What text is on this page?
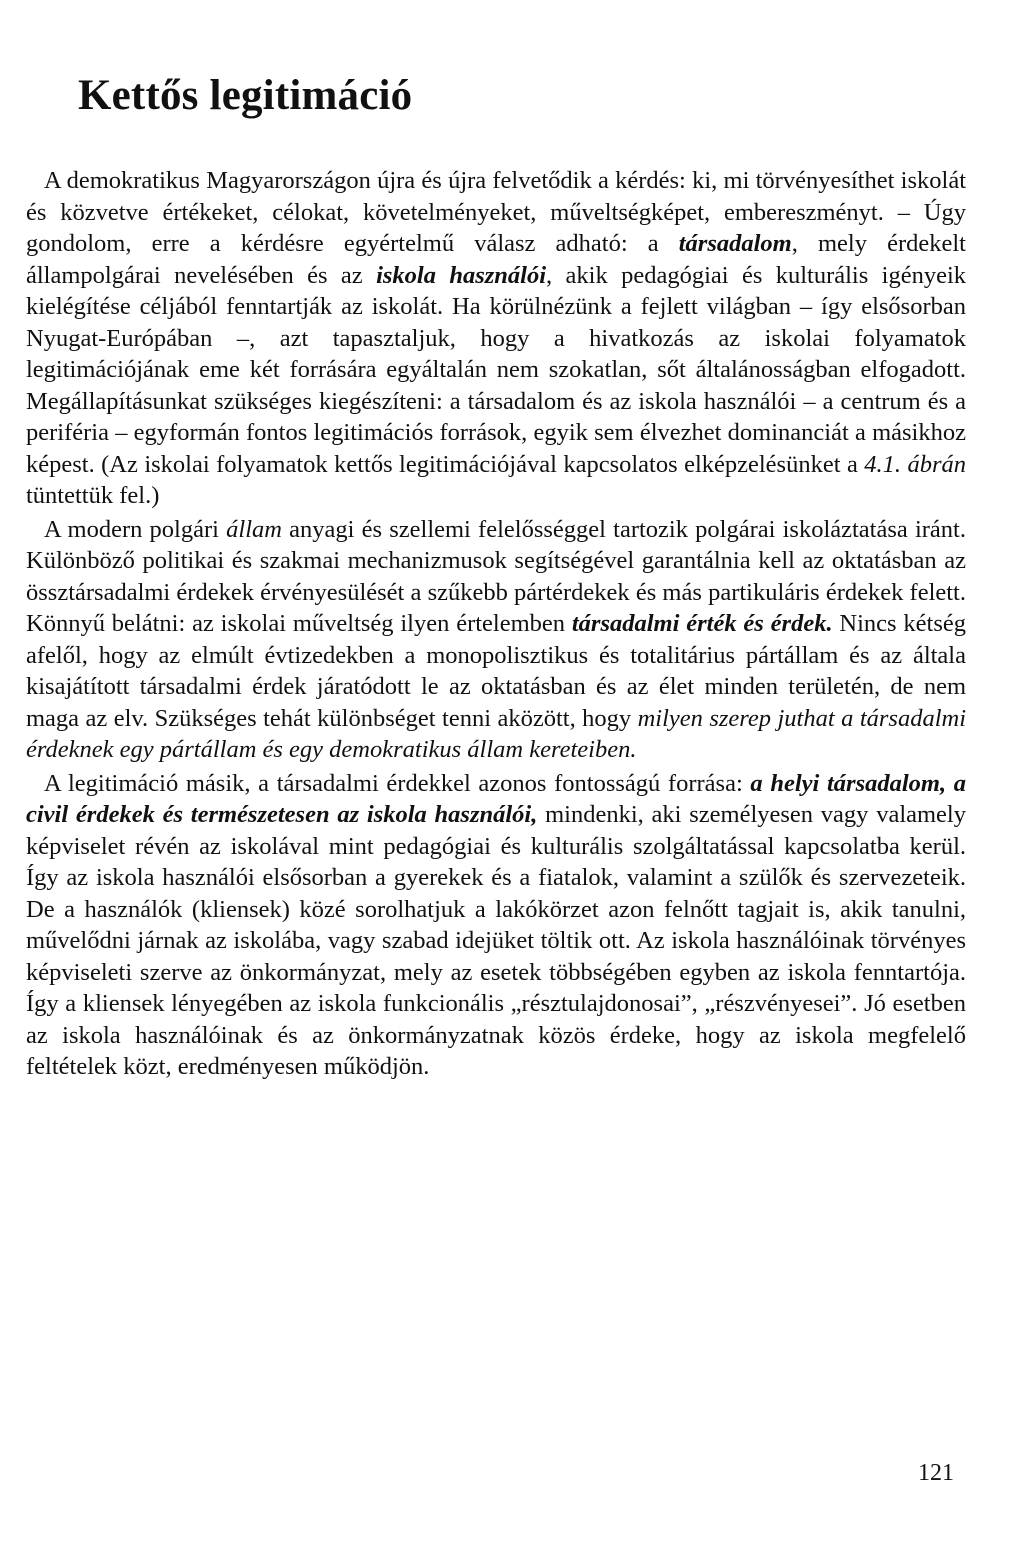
Kettős legitimáció

A demokratikus Magyarországon újra és újra felvetődik a kérdés: ki, mi törvényesíthet iskolát és közvetve értékeket, célokat, követelményeket, műveltségképet, embereszményt. – Úgy gondolom, erre a kérdésre egyértelmű válasz adható: a társadalom, mely érdekelt állampolgárai nevelésében és az iskola használói, akik pedagógiai és kulturális igényeik kielégítése céljából fenntartják az iskolát. Ha körülnézünk a fejlett világban – így elsősorban Nyugat-Európában –, azt tapasztaljuk, hogy a hivatkozás az iskolai folyamatok legitimációjának eme két forrására egyáltalán nem szokatlan, sőt általánosságban elfogadott. Megállapításunkat szükséges kiegészíteni: a társadalom és az iskola használói – a centrum és a periféria – egyformán fontos legitimációs források, egyik sem élvezhet dominanciát a másikhoz képest. (Az iskolai folyamatok kettős legitimációjával kapcsolatos elképzelésünket a 4.1. ábrán tüntettük fel.)

A modern polgári állam anyagi és szellemi felelősséggel tartozik polgárai iskoláztatása iránt. Különböző politikai és szakmai mechanizmusok segítségével garantálnia kell az oktatásban az össztársadalmi érdekek érvényesülését a szűkebb pártérdekek és más partikuláris érdekek felett. Könnyű belátni: az iskolai műveltség ilyen értelemben társadalmi érték és érdek. Nincs kétség afelől, hogy az elmúlt évtizedekben a monopolisztikus és totalitárius pártállam és az általa kisajátított társadalmi érdek járatódott le az oktatásban és az élet minden területén, de nem maga az elv. Szükséges tehát különbséget tenni aközött, hogy milyen szerep juthat a társadalmi érdeknek egy pártállam és egy demokratikus állam kereteiben.

A legitimáció másik, a társadalmi érdekkel azonos fontosságú forrása: a helyi társadalom, a civil érdekek és természetesen az iskola használói, mindenki, aki személyesen vagy valamely képviselet révén az iskolával mint pedagógiai és kulturális szolgáltatással kapcsolatba kerül. Így az iskola használói elsősorban a gyerekek és a fiatalok, valamint a szülők és szervezeteik. De a használók (kliensek) közé sorolhatjuk a lakókörzet azon felnőtt tagjait is, akik tanulni, művelődni járnak az iskolába, vagy szabad idejüket töltik ott. Az iskola használóinak törvényes képviseleti szerve az önkormányzat, mely az esetek többségében egyben az iskola fenntartója. Így a kliensek lényegében az iskola funkcionális „résztulajdonosai”, „részvényesei”. Jó esetben az iskola használóinak és az önkormányzatnak közös érdeke, hogy az iskola megfelelő feltételek közt, eredményesen működjön.

121
